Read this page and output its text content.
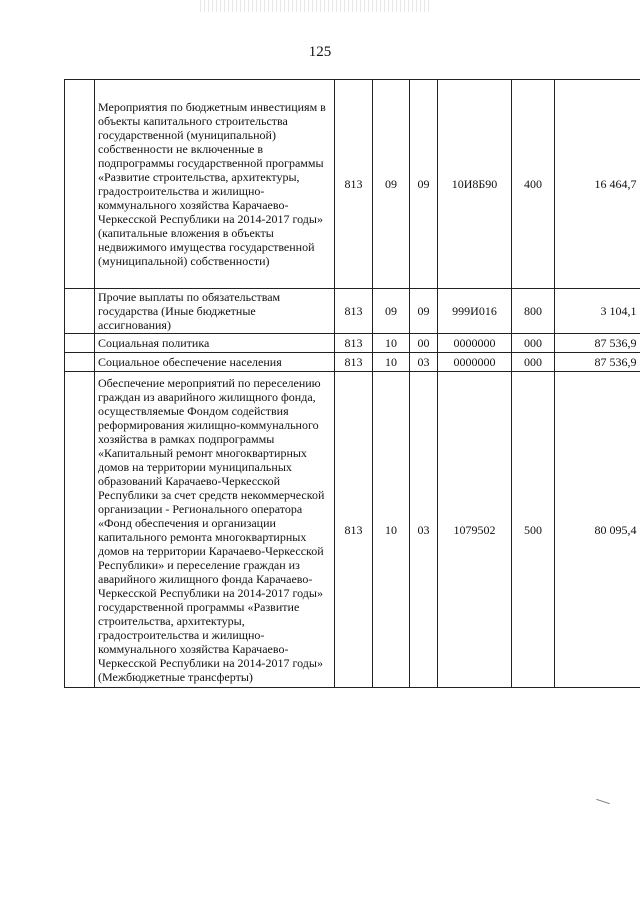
125
	Мероприятия по бюджетным инвестициям в объекты капитального строительства государственной (муниципальной) собственности не включенные в подпрограммы государственной программы «Развитие строительства, архитектуры, градостроительства и жилищно-коммунального хозяйства Карачаево-Черкесской Республики на 2014-2017 годы» (капитальные вложения в объекты недвижимого имущества государственной (муниципальной) собственности)	813	09	09	10И8Б90	400	16 464,7
	Прочие выплаты по обязательствам государства (Иные бюджетные ассигнования)	813	09	09	999И016	800	3 104,1
	Социальная политика	813	10	00	0000000	000	87 536,9
	Социальное обеспечение населения	813	10	03	0000000	000	87 536,9
	Обеспечение мероприятий по переселению граждан из аварийного жилищного фонда, осуществляемые Фондом содействия реформирования жилищно-коммунального хозяйства в рамках подпрограммы «Капитальный ремонт многоквартирных домов на территории муниципальных образований Карачаево-Черкесской Республики за счет средств некоммерческой организации - Регионального оператора «Фонд обеспечения и организации капитального ремонта многоквартирных домов на территории Карачаево-Черкесской Республики» и переселение граждан из аварийного жилищного фонда Карачаево-Черкесской Республики на 2014-2017 годы» государственной программы «Развитие строительства, архитектуры, градостроительства и жилищно-коммунального хозяйства Карачаево-Черкесской Республики на 2014-2017 годы» (Межбюджетные трансферты)	813	10	03	1079502	500	80 095,4
